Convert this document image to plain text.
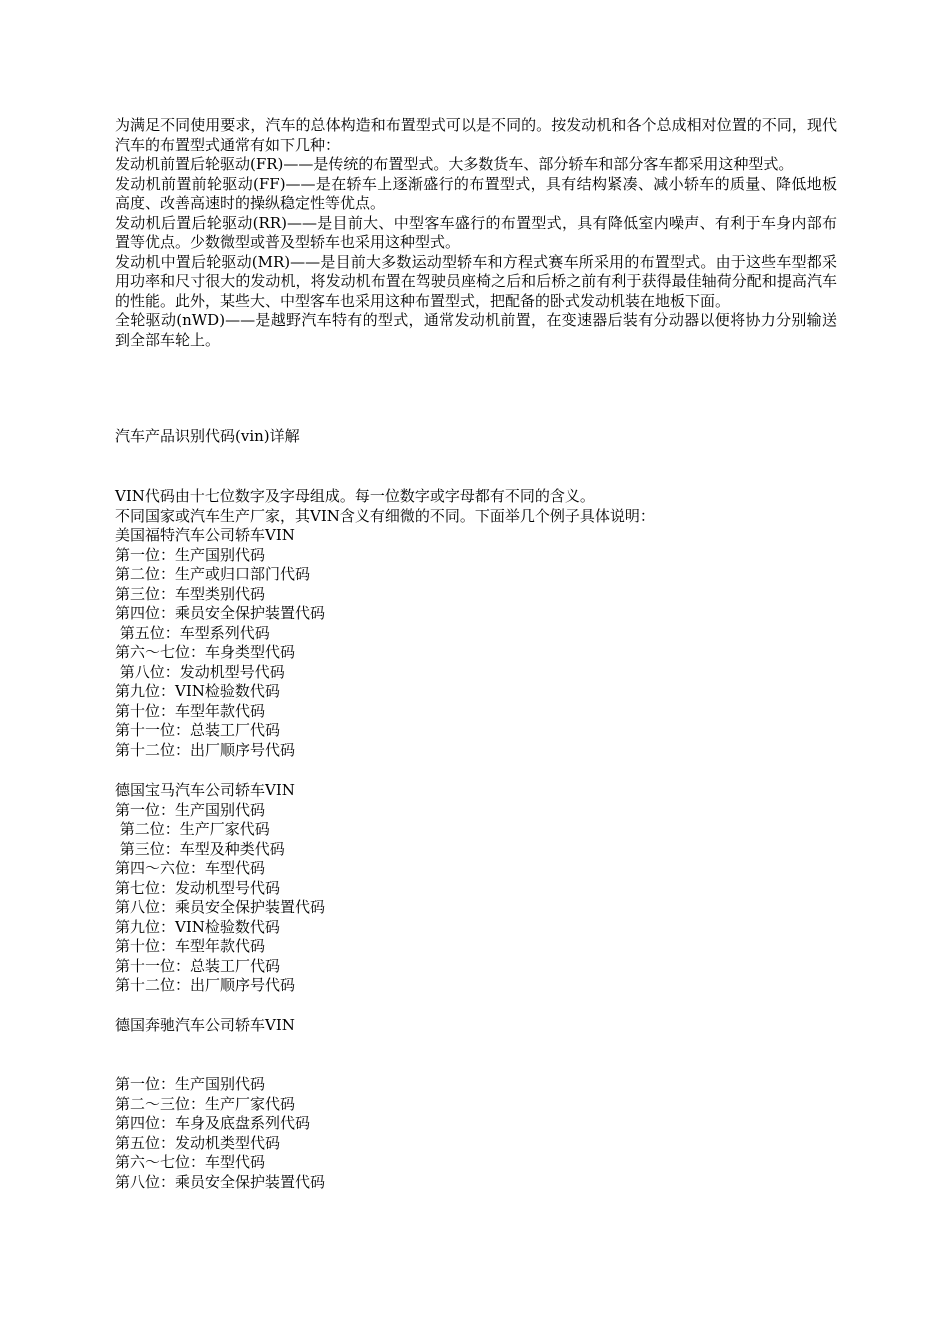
为满足不同使用要求，汽车的总体构造和布置型式可以是不同的。按发动机和各个总成相对位置的不同，现代汽车的布置型式通常有如下几种：

发动机前置后轮驱动(FR)——是传统的布置型式。大多数货车、部分轿车和部分客车都采用这种型式。

发动机前置前轮驱动(FF)——是在轿车上逐渐盛行的布置型式，具有结构紧凑、减小轿车的质量、降低地板高度、改善高速时的操纵稳定性等优点。

发动机后置后轮驱动(RR)——是目前大、中型客车盛行的布置型式，具有降低室内噪声、有利于车身内部布置等优点。少数微型或普及型轿车也采用这种型式。

发动机中置后轮驱动(MR)——是目前大多数运动型轿车和方程式赛车所采用的布置型式。由于这些车型都采用功率和尺寸很大的发动机，将发动机布置在驾驶员座椅之后和后桥之前有利于获得最佳轴荷分配和提高汽车的性能。此外，某些大、中型客车也采用这种布置型式，把配备的卧式发动机装在地板下面。

全轮驱动(nWD)——是越野汽车特有的型式，通常发动机前置，在变速器后装有分动器以便将协力分别输送到全部车轮上。

汽车产品识别代码(vin)详解
VIN代码由十七位数字及字母组成。每一位数字或字母都有不同的含义。
不同国家或汽车生产厂家，其VIN含义有细微的不同。下面举几个例子具体说明：
美国福特汽车公司轿车VIN
第一位：生产国别代码
第二位：生产或归口部门代码
第三位：车型类别代码
第四位：乘员安全保护装置代码
第五位：车型系列代码
第六～七位：车身类型代码
第八位：发动机型号代码
第九位：VIN检验数代码
第十位：车型年款代码
第十一位：总装工厂代码
第十二位：出厂顺序号代码
德国宝马汽车公司轿车VIN
第一位：生产国别代码
第二位：生产厂家代码
第三位：车型及种类代码
第四～六位：车型代码
第七位：发动机型号代码
第八位：乘员安全保护装置代码
第九位：VIN检验数代码
第十位：车型年款代码
第十一位：总装工厂代码
第十二位：出厂顺序号代码
德国奔驰汽车公司轿车VIN
第一位：生产国别代码
第二～三位：生产厂家代码
第四位：车身及底盘系列代码
第五位：发动机类型代码
第六～七位：车型代码
第八位：乘员安全保护装置代码
